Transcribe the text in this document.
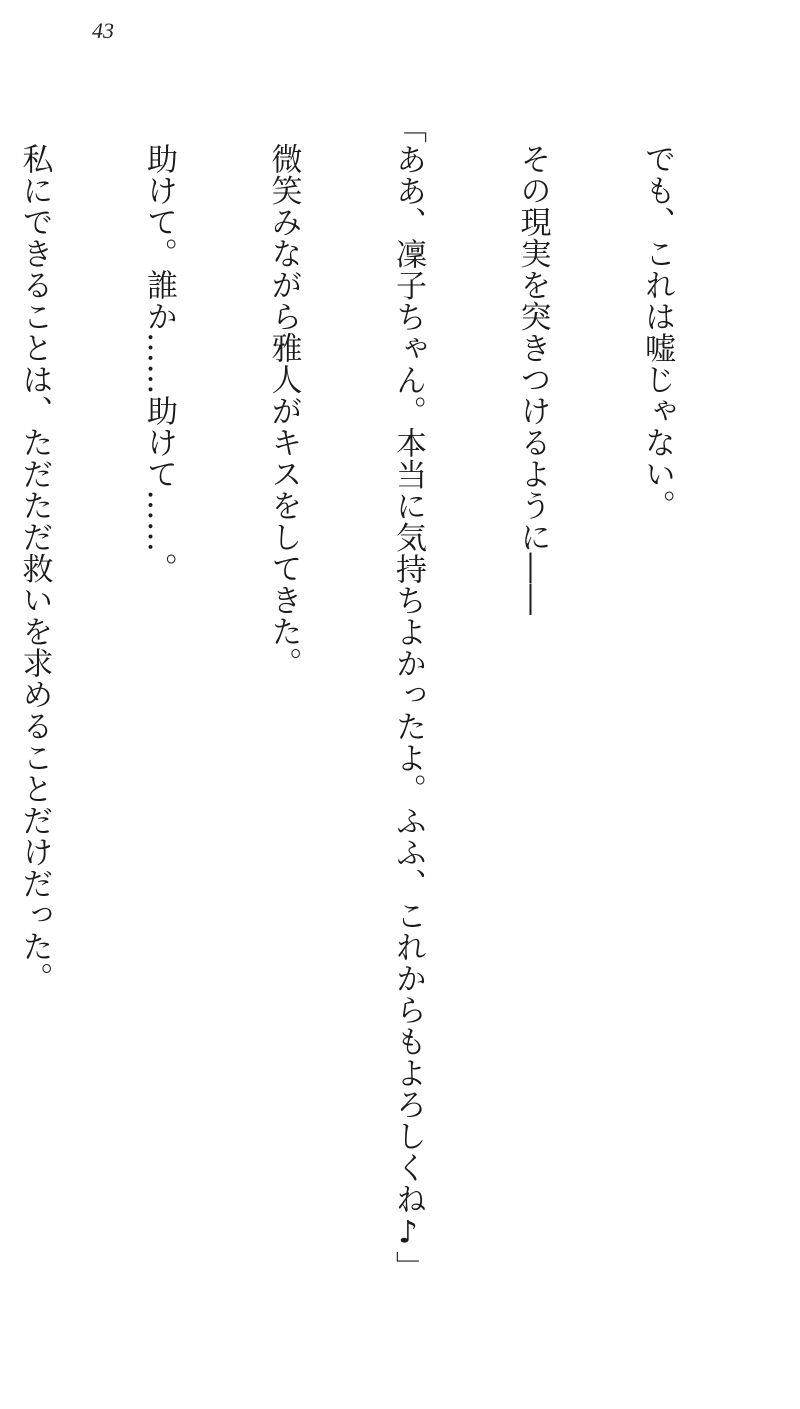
43

でも、これは嘘じゃない。

その現実を突きつけるように――

「ああ、凜子ちゃん。本当に気持ちよかったよ。ふふ、これからもよろしくね♪」

微笑みながら雅人がキスをしてきた。

助けて。誰か……助けて……。

私にできることは、ただただ救いを求めることだけだった。
